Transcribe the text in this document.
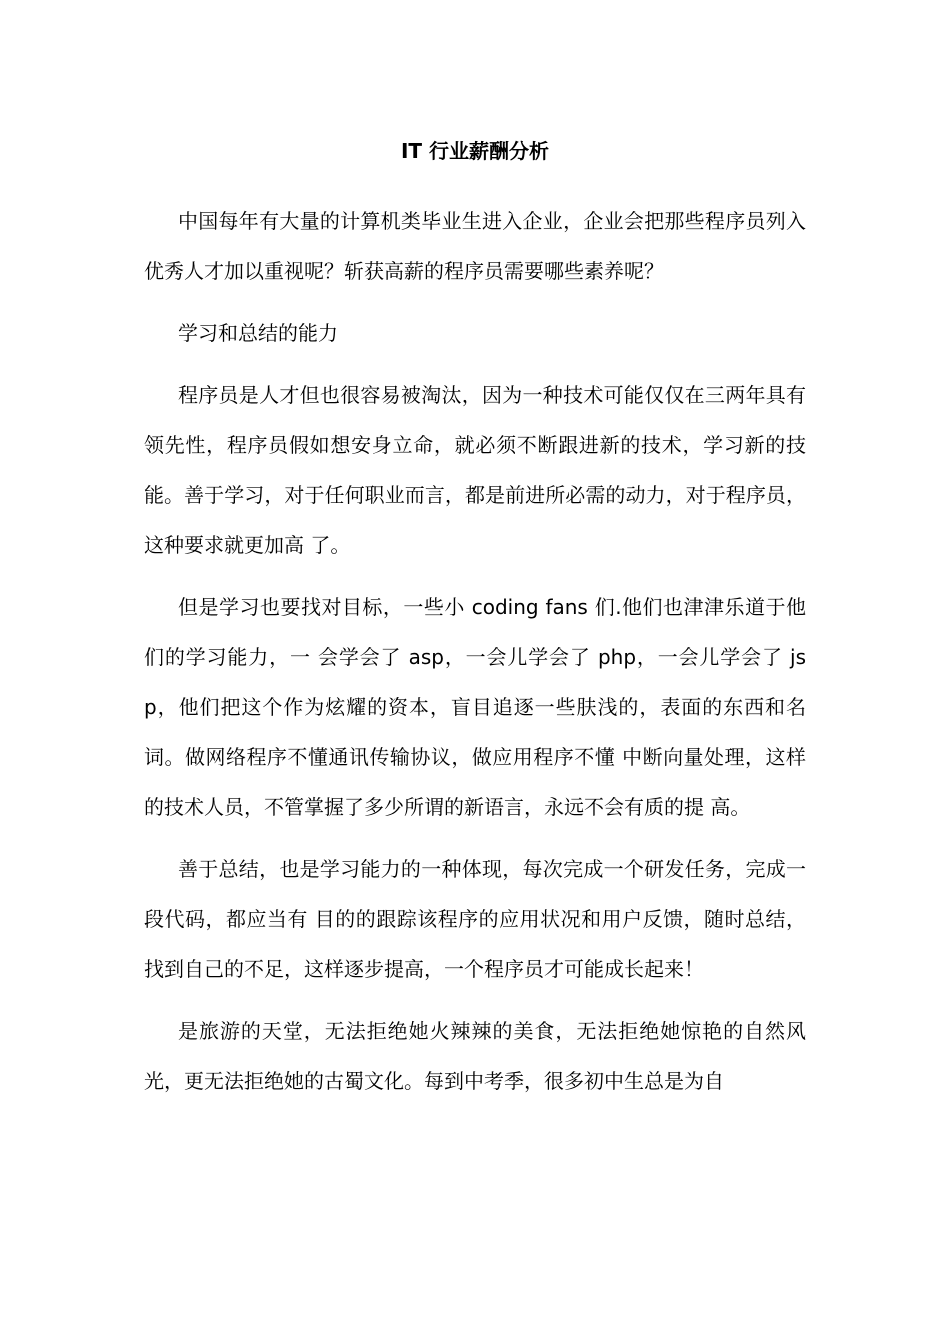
IT 行业薪酬分析

中国每年有大量的计算机类毕业生进入企业，企业会把那些程序员列入优秀人才加以重视呢？斩获高薪的程序员需要哪些素养呢？

学习和总结的能力

程序员是人才但也很容易被淘汰，因为一种技术可能仅仅在三两年具有领先性，程序员假如想安身立命，就必须不断跟进新的技术，学习新的技能。善于学习，对于任何职业而言，都是前进所必需的动力，对于程序员，这种要求就更加高 了。

但是学习也要找对目标，一些小 coding fans 们.他们也津津乐道于他们的学习能力，一 会学会了 asp，一会儿学会了 php，一会儿学会了 jsp，他们把这个作为炫耀的资本，盲目追逐一些肤浅的，表面的东西和名词。做网络程序不懂通讯传输协议，做应用程序不懂 中断向量处理，这样的技术人员，不管掌握了多少所谓的新语言，永远不会有质的提 高。

善于总结，也是学习能力的一种体现，每次完成一个研发任务，完成一段代码，都应当有 目的的跟踪该程序的应用状况和用户反馈，随时总结，找到自己的不足，这样逐步提高，一个程序员才可能成长起来！

是旅游的天堂，无法拒绝她火辣辣的美食，无法拒绝她惊艳的自然风光，更无法拒绝她的古蜀文化。每到中考季，很多初中生总是为自
